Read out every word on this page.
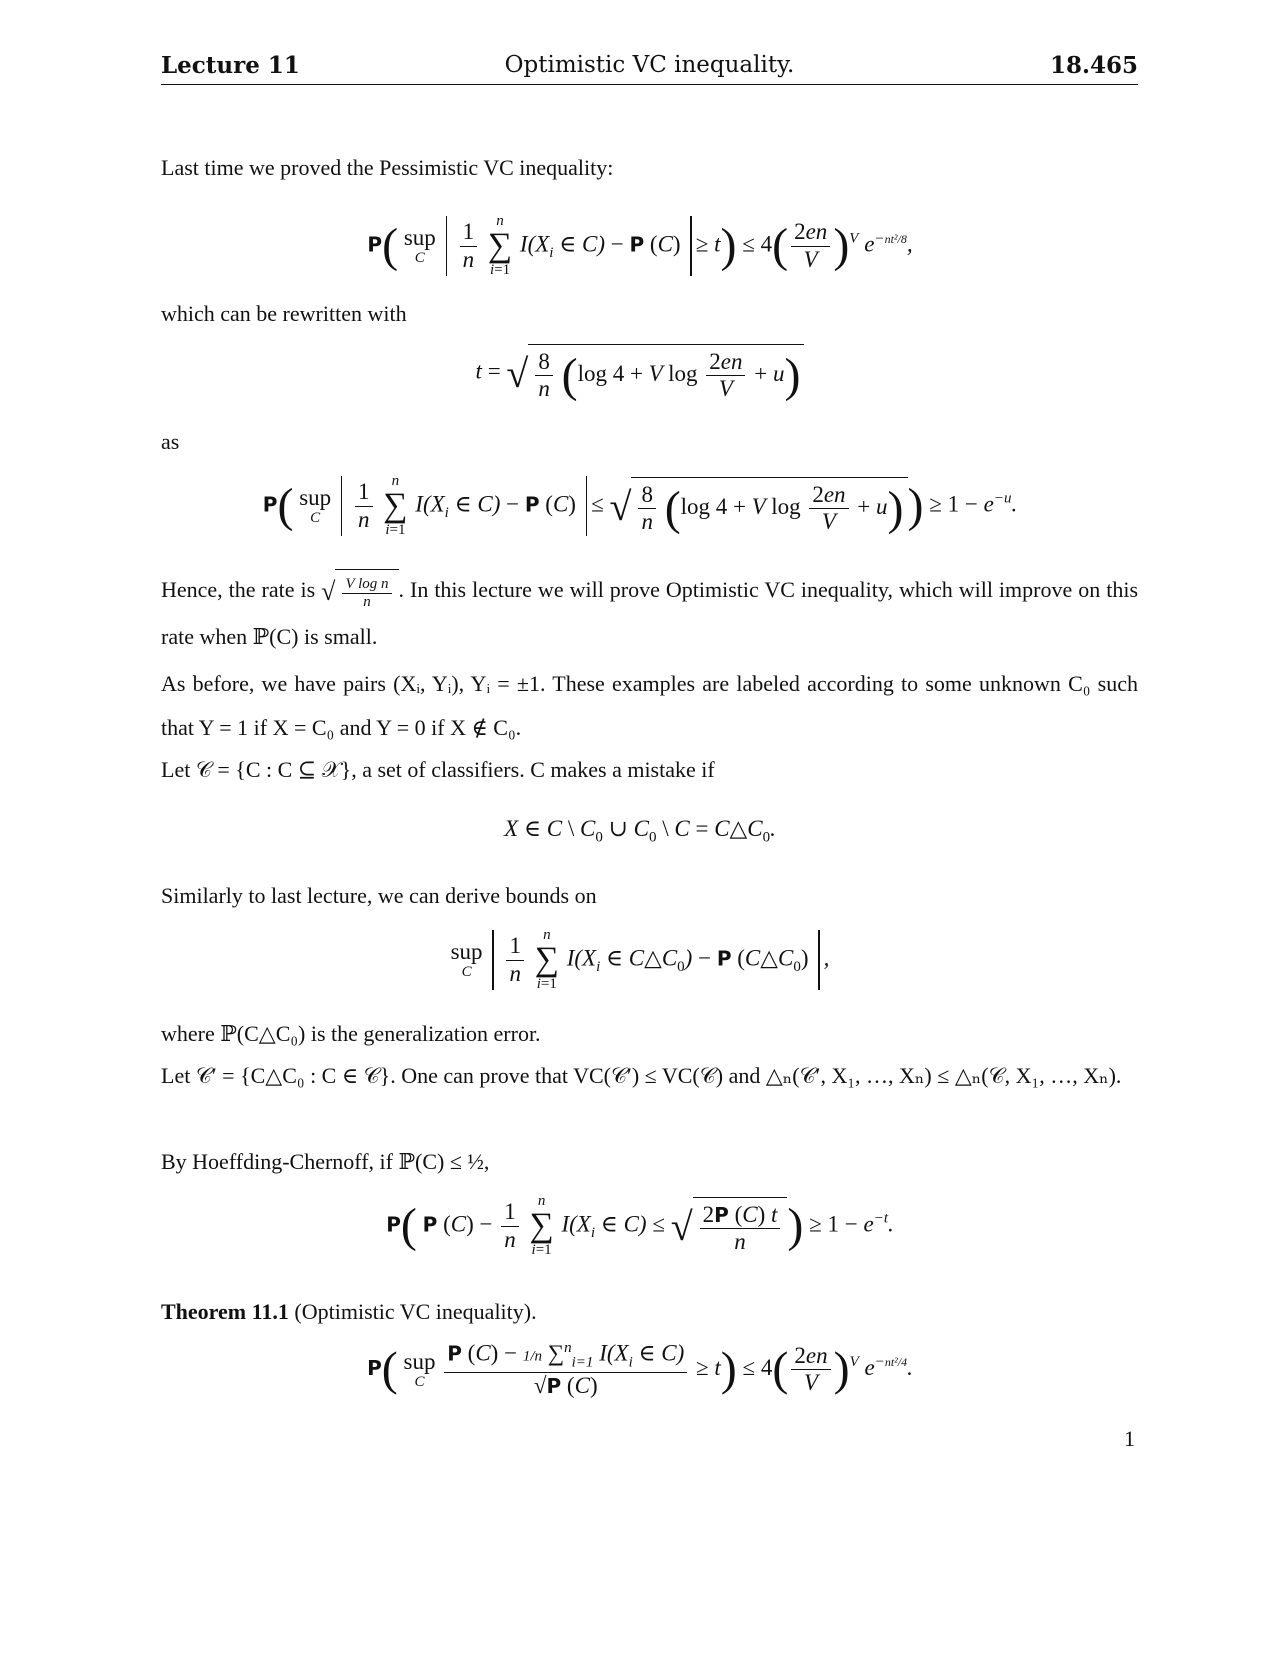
Lecture 11	Optimistic VC inequality.	18.465
Last time we proved the Pessimistic VC inequality:
P( sup
C
	$\frac{1}{n}$
	n
∑
i=1
$I(X_i$ ∈ C) − P $(C) \ge t) \le 4( \frac{2en}{V} )^V$ $e^{-nt^2/8}$,
which can be rewritten with
t = √ $\frac{8}{n} (\log$ 4 + V $\log \frac{2en}{V} + u$)
as
P( sup
C
	$\frac{1}{n}$
	n
∑
i=1
$I(X_i$ ∈ C) − P (C) ≤ √ $\frac{8}{n} (\log$ 4 + V $\log \frac{2en}{V} + u)) \ge 1 - e^{-u}$.
Hence, the rate is √ $\frac{\text{V log n}}{n}$ . In this lecture we will prove Optimistic VC inequality, which will improve on this rate when ℙ(C) is small.
As before, we have pairs (Xᵢ, Yᵢ), Yᵢ = ±1. These examples are labeled according to some unknown C₀ such that Y = 1 if X = C₀ and Y = 0 if X ∉ C₀.
Let 𝒞 = {C : C ⊆ 𝒳}, a set of classifiers. C makes a mistake if
X ∈ C \ $C_0$ ∪ $C_0$ \ $C = C\triangle C_0$.
Similarly to last lecture, we can derive bounds on
sup
C
	$\frac{1}{n}$
	n
∑
i=1
$I(X_i$ ∈ $C\triangle C_0) - P$ $(C\triangle C_0)$ ,
where ℙ(C△C₀) is the generalization error.
Let 𝒞′ = {C△C₀ : C ∈ 𝒞}. One can prove that VC(𝒞′) ≤ VC(𝒞) and △ₙ(𝒞′, X₁, …, Xₙ) ≤ △ₙ(𝒞, X₁, …, Xₙ).
By Hoeffding-Chernoff, if ℙ(C) ≤ ½,
P( P $(C) - \frac{1}{n}$
	n
∑
i=1
$I(X_i$ ∈ C) ≤ √ $\frac{2P (C) t}{n}$ ) ≥ $1 - e^{-t}$.
Theorem 11.1 (Optimistic VC inequality).
P( sup
C
$\frac{P (C) - 1/n \sum^n_{i=1} I(X_i \in C)}{√P (C)} \ge t) \le 4( \frac{2en}{V} )^V$ $e^{-nt^2/4}$.
1
